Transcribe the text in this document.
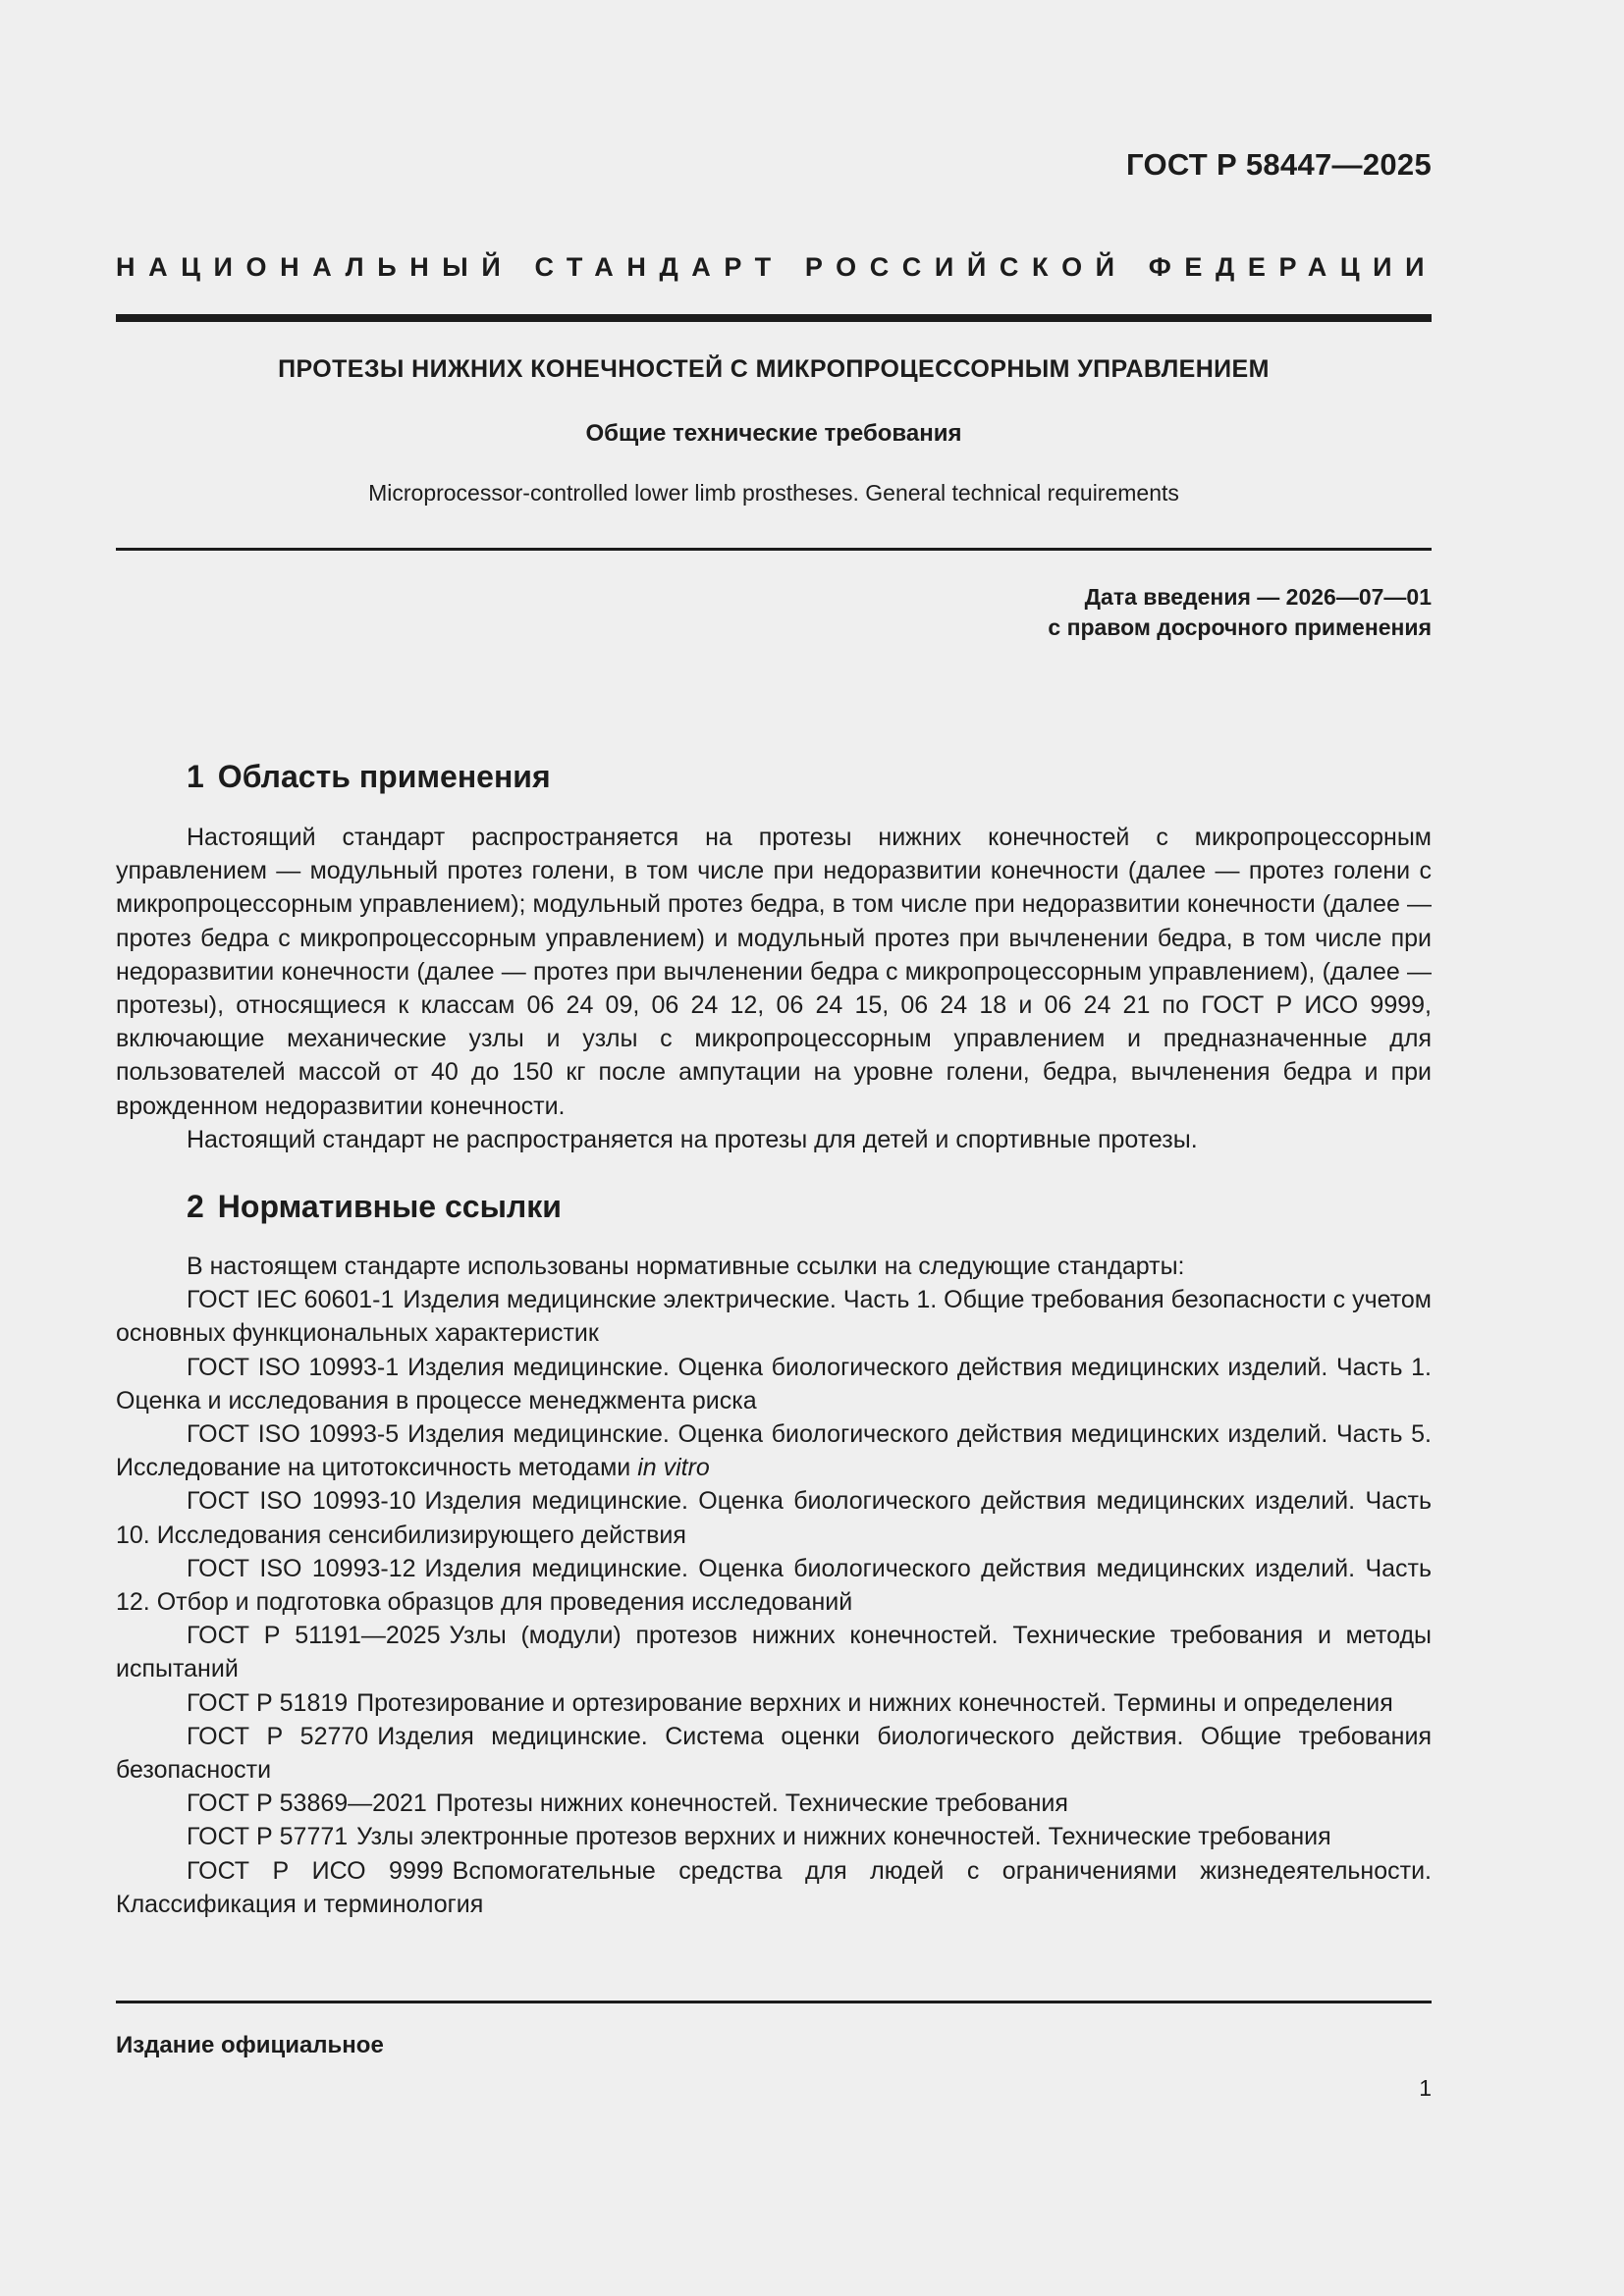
ГОСТ Р 58447—2025
НАЦИОНАЛЬНЫЙ СТАНДАРТ РОССИЙСКОЙ ФЕДЕРАЦИИ
ПРОТЕЗЫ НИЖНИХ КОНЕЧНОСТЕЙ С МИКРОПРОЦЕССОРНЫМ УПРАВЛЕНИЕМ
Общие технические требования
Microprocessor-controlled lower limb prostheses. General technical requirements
Дата введения — 2026—07—01
с правом досрочного применения
1 Область применения

Настоящий стандарт распространяется на протезы нижних конечностей с микропроцессорным управлением — модульный протез голени, в том числе при недоразвитии конечности (далее — протез голени с микропроцессорным управлением); модульный протез бедра, в том числе при недоразвитии конечности (далее — протез бедра с микропроцессорным управлением) и модульный протез при вычленении бедра, в том числе при недоразвитии конечности (далее — протез при вычленении бедра с микропроцессорным управлением), (далее — протезы), относящиеся к классам 06 24 09, 06 24 12, 06 24 15, 06 24 18 и 06 24 21 по ГОСТ Р ИСО 9999, включающие механические узлы и узлы с микропроцессорным управлением и предназначенные для пользователей массой от 40 до 150 кг после ампутации на уровне голени, бедра, вычленения бедра и при врожденном недоразвитии конечности.

Настоящий стандарт не распространяется на протезы для детей и спортивные протезы.

2 Нормативные ссылки

В настоящем стандарте использованы нормативные ссылки на следующие стандарты:

ГОСТ IEC 60601-1 Изделия медицинские электрические. Часть 1. Общие требования безопасности с учетом основных функциональных характеристик

ГОСТ ISO 10993-1 Изделия медицинские. Оценка биологического действия медицинских изделий. Часть 1. Оценка и исследования в процессе менеджмента риска

ГОСТ ISO 10993-5 Изделия медицинские. Оценка биологического действия медицинских изделий. Часть 5. Исследование на цитотоксичность методами in vitro

ГОСТ ISO 10993-10 Изделия медицинские. Оценка биологического действия медицинских изделий. Часть 10. Исследования сенсибилизирующего действия

ГОСТ ISO 10993-12 Изделия медицинские. Оценка биологического действия медицинских изделий. Часть 12. Отбор и подготовка образцов для проведения исследований

ГОСТ Р 51191—2025 Узлы (модули) протезов нижних конечностей. Технические требования и методы испытаний

ГОСТ Р 51819 Протезирование и ортезирование верхних и нижних конечностей. Термины и определения

ГОСТ Р 52770 Изделия медицинские. Система оценки биологического действия. Общие требования безопасности

ГОСТ Р 53869—2021 Протезы нижних конечностей. Технические требования

ГОСТ Р 57771 Узлы электронные протезов верхних и нижних конечностей. Технические требования

ГОСТ Р ИСО 9999 Вспомогательные средства для людей с ограничениями жизнедеятельности. Классификация и терминология

Издание официальное
1
